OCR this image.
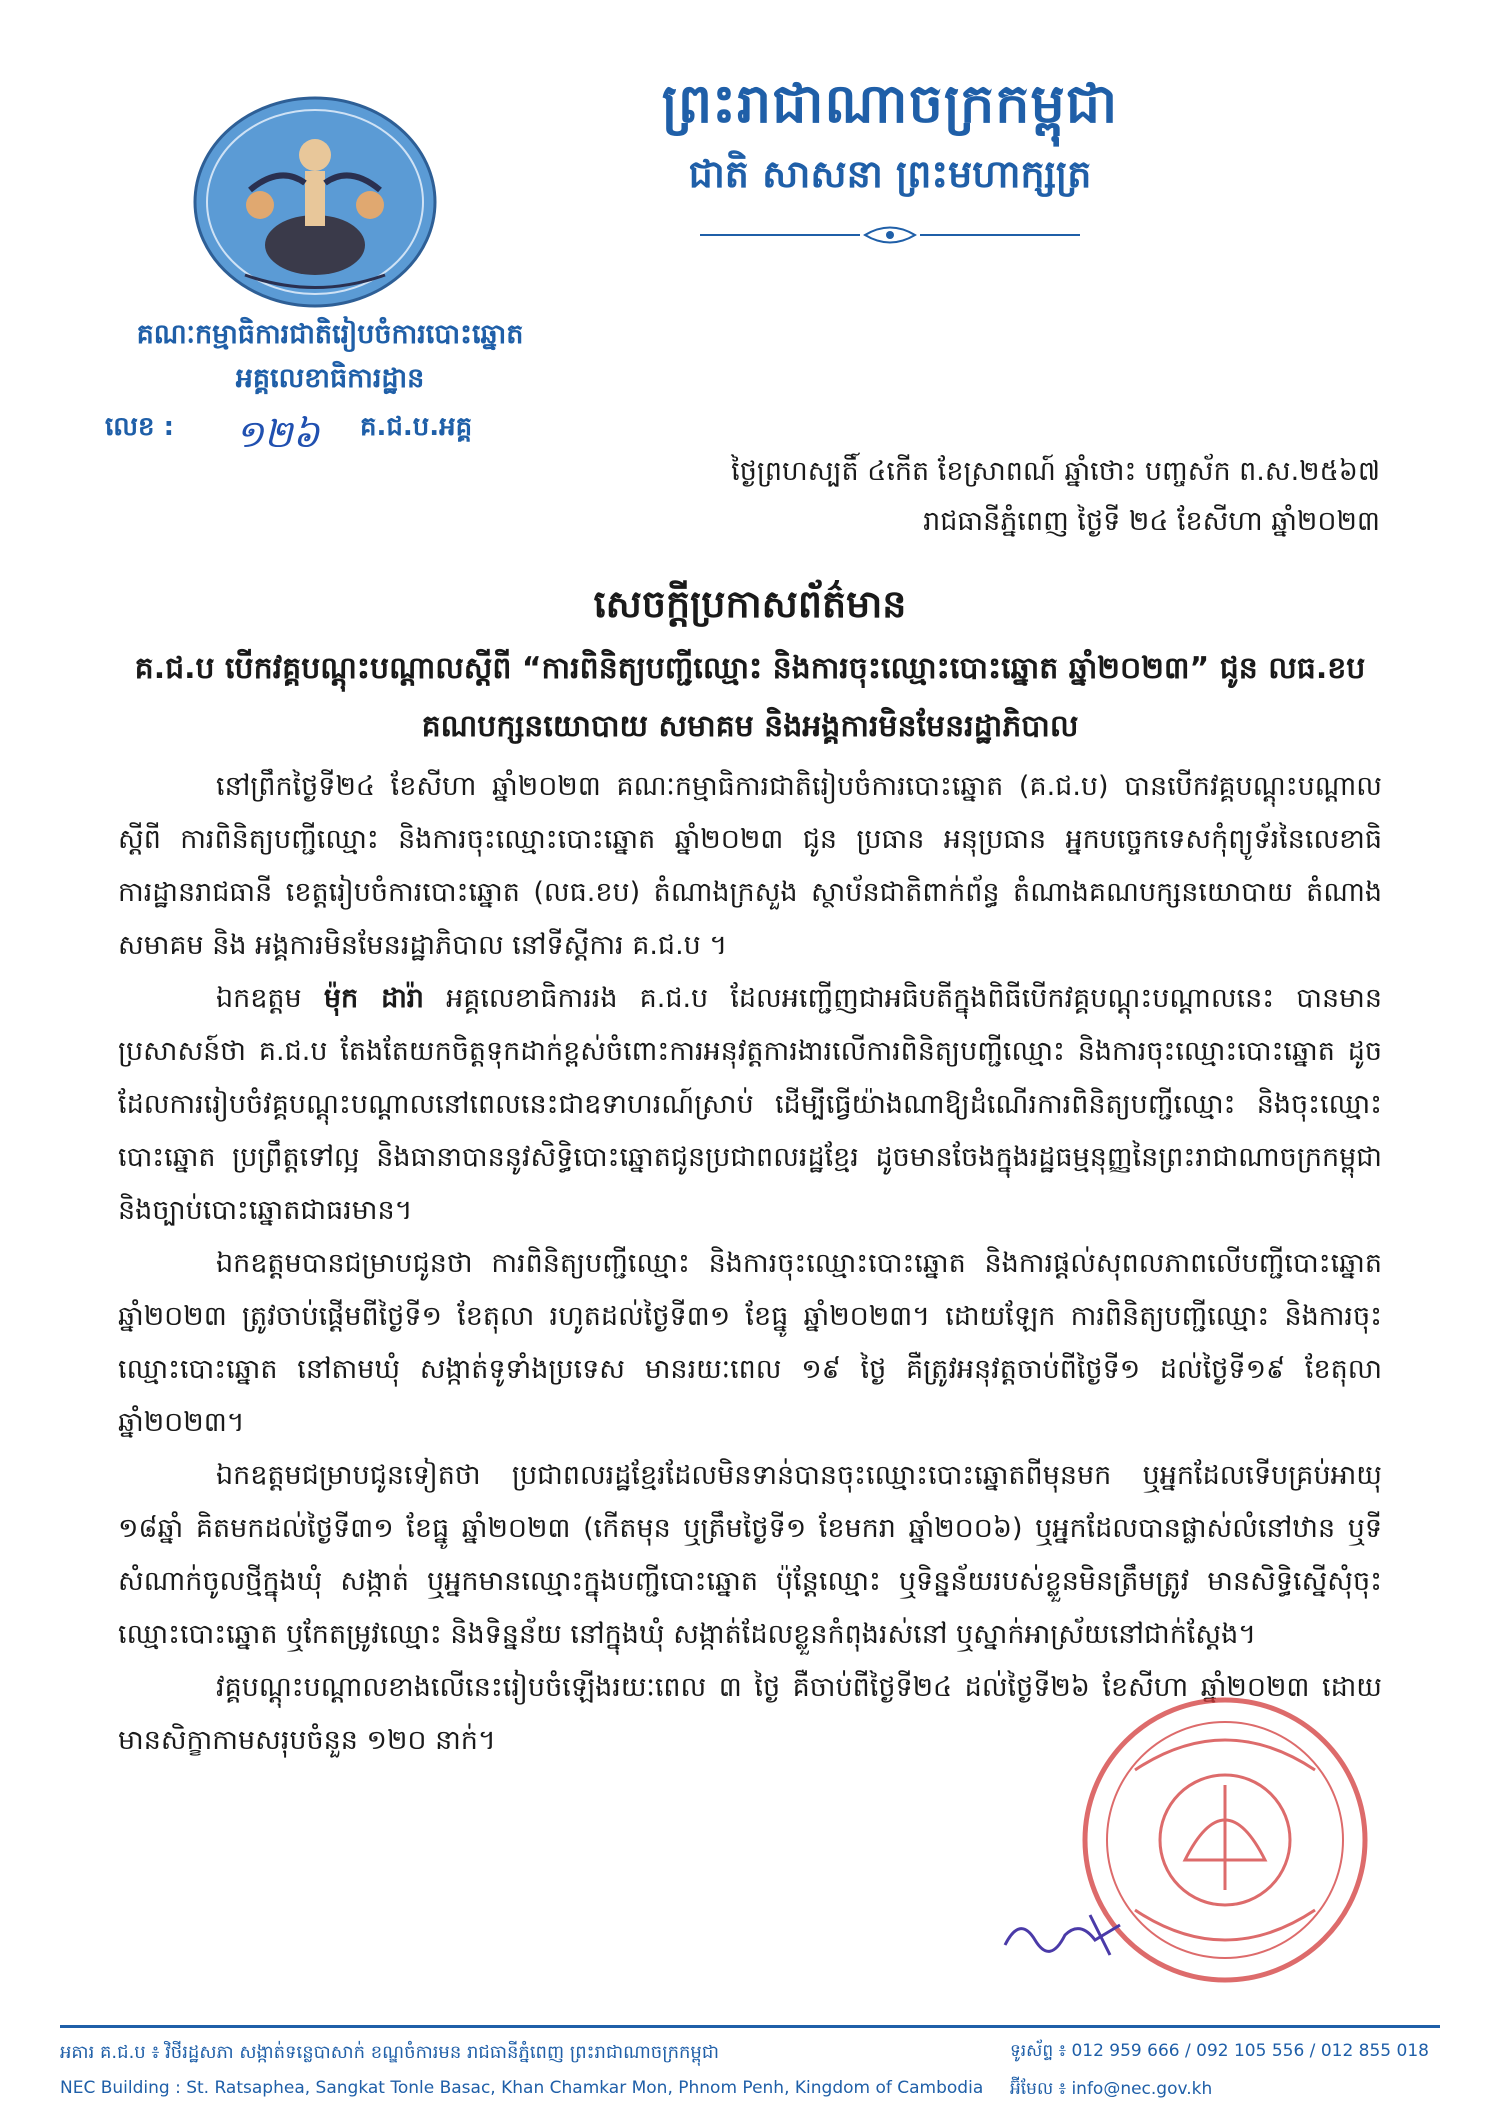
ព្រះរាជាណាចក្រកម្ពុជា
ជាតិ សាសនា ព្រះមហាក្សត្រ
គណៈកម្មាធិការជាតិរៀបចំការបោះឆ្នោត
អគ្គលេខាធិការដ្ឋាន
លេខ : ១២៦ គ.ជ.ប.អគ្គ
ថ្ងៃព្រហស្បតិ៍ ៤កើត ខែស្រាពណ៍ ឆ្នាំថោះ បញ្ចស័ក ព.ស.២៥៦៧
រាជធានីភ្នំពេញ ថ្ងៃទី ២៤ ខែសីហា ឆ្នាំ២០២៣
សេចក្តីប្រកាសព័ត៌មាន
គ.ជ.ប បើកវគ្គបណ្តុះបណ្តាលស្តីពី “ការពិនិត្យបញ្ជីឈ្មោះ និងការចុះឈ្មោះបោះឆ្នោត ឆ្នាំ២០២៣” ជូន លធ.ខប គណបក្សនយោបាយ សមាគម និងអង្គការមិនមែនរដ្ឋាភិបាល

នៅព្រឹកថ្ងៃទី២៤ ខែសីហា ឆ្នាំ២០២៣ គណៈកម្មាធិការជាតិរៀបចំការបោះឆ្នោត (គ.ជ.ប) បានបើកវគ្គបណ្តុះបណ្តាលស្តីពី ការពិនិត្យបញ្ជីឈ្មោះ និងការចុះឈ្មោះបោះឆ្នោត ឆ្នាំ២០២៣ ជូន ប្រធាន អនុប្រធាន អ្នកបច្ចេកទេសកុំព្យូទ័រនៃលេខាធិការដ្ឋានរាជធានី ខេត្តរៀបចំការបោះឆ្នោត (លធ.ខប) តំណាងក្រសួង ស្ថាប័នជាតិពាក់ព័ន្ធ តំណាងគណបក្សនយោបាយ តំណាងសមាគម និង អង្គការមិនមែនរដ្ឋាភិបាល នៅទីស្តីការ គ.ជ.ប ។

ឯកឧត្តម ម៉ុក ដារ៉ា អគ្គលេខាធិការរង គ.ជ.ប ដែលអញ្ជើញជាអធិបតីក្នុងពិធីបើកវគ្គបណ្តុះបណ្តាលនេះ បានមានប្រសាសន៍ថា គ.ជ.ប តែងតែយកចិត្តទុកដាក់ខ្ពស់ចំពោះការអនុវត្តការងារលើការពិនិត្យបញ្ជីឈ្មោះ និងការចុះឈ្មោះបោះឆ្នោត ដូចដែលការរៀបចំវគ្គបណ្តុះបណ្តាលនៅពេលនេះជាឧទាហរណ៍ស្រាប់ ដើម្បីធ្វើយ៉ាងណាឱ្យដំណើរការពិនិត្យបញ្ជីឈ្មោះ និងចុះឈ្មោះបោះឆ្នោត ប្រព្រឹត្តទៅល្អ និងធានាបាននូវសិទ្ធិបោះឆ្នោតជូនប្រជាពលរដ្ឋខ្មែរ ដូចមានចែងក្នុងរដ្ឋធម្មនុញ្ញនៃព្រះរាជាណាចក្រកម្ពុជា និងច្បាប់បោះឆ្នោតជាធរមាន។

ឯកឧត្តមបានជម្រាបជូនថា ការពិនិត្យបញ្ជីឈ្មោះ និងការចុះឈ្មោះបោះឆ្នោត និងការផ្តល់សុពលភាពលើបញ្ជីបោះឆ្នោតឆ្នាំ២០២៣ ត្រូវចាប់ផ្តើមពីថ្ងៃទី១ ខែតុលា រហូតដល់ថ្ងៃទី៣១ ខែធ្នូ ឆ្នាំ២០២៣។ ដោយឡែក ការពិនិត្យបញ្ជីឈ្មោះ និងការចុះឈ្មោះបោះឆ្នោត នៅតាមឃុំ សង្កាត់ទូទាំងប្រទេស មានរយៈពេល ១៩ ថ្ងៃ គឺត្រូវអនុវត្តចាប់ពីថ្ងៃទី១ ដល់ថ្ងៃទី១៩ ខែតុលា ឆ្នាំ២០២៣។

ឯកឧត្តមជម្រាបជូនទៀតថា ប្រជាពលរដ្ឋខ្មែរដែលមិនទាន់បានចុះឈ្មោះបោះឆ្នោតពីមុនមក ឬអ្នកដែលទើបគ្រប់អាយុ ១៨ឆ្នាំ គិតមកដល់ថ្ងៃទី៣១ ខែធ្នូ ឆ្នាំ២០២៣ (កើតមុន ឬត្រឹមថ្ងៃទី១ ខែមករា ឆ្នាំ២០០៦) ឬអ្នកដែលបានផ្លាស់លំនៅឋាន ឬទីសំណាក់ចូលថ្មីក្នុងឃុំ សង្កាត់ ឬអ្នកមានឈ្មោះក្នុងបញ្ជីបោះឆ្នោត ប៉ុន្តែឈ្មោះ ឬទិន្នន័យរបស់ខ្លួនមិនត្រឹមត្រូវ មានសិទ្ធិស្នើសុំចុះឈ្មោះបោះឆ្នោត ឬកែតម្រូវឈ្មោះ និងទិន្នន័យ នៅក្នុងឃុំ សង្កាត់ដែលខ្លួនកំពុងរស់នៅ ឬស្នាក់អាស្រ័យនៅជាក់ស្តែង។

វគ្គបណ្តុះបណ្តាលខាងលើនេះរៀបចំឡើងរយៈពេល ៣ ថ្ងៃ គឺចាប់ពីថ្ងៃទី២៤ ដល់ថ្ងៃទី២៦ ខែសីហា ឆ្នាំ២០២៣ ដោយមានសិក្ខាកាមសរុបចំនួន ១២០ នាក់។

អគារ គ.ជ.ប ៖ វិថីរដ្ឋសភា សង្កាត់ទន្លេបាសាក់ ខណ្ឌចំការមន រាជធានីភ្នំពេញ ព្រះរាជាណាចក្រកម្ពុជា
NEC Building : St. Ratsaphea, Sangkat Tonle Basac, Khan Chamkar Mon, Phnom Penh, Kingdom of Cambodia
ទូរស័ព្ទ ៖ 012 959 666 / 092 105 556 / 012 855 018
អ៊ីមែល ៖ info@nec.gov.kh
